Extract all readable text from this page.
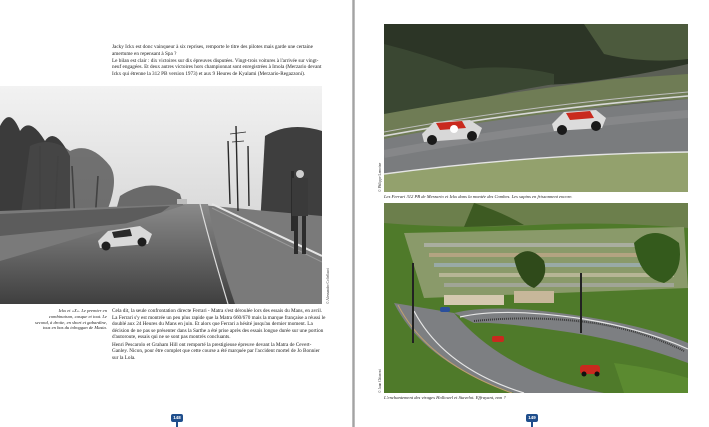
Jacky Ickx est donc vainqueur à six reprises, remporte le titre des pilotes mais garde une certaine amertume en repensant à Spa ?

Le bilan est clair : dix victoires sur dix épreuves disputées. Vingt-trois voitures à l'arrivée sur vingt-neuf engagées. Et deux autres victoires hors championnat sont enregistrées à Imola (Merzario devant Ickx qui étrenne la 312 PB version 1973) et aux 9 Heures de Kyalami (Merzario-Regazzoni).

© Alessandro Coltellacci
Ickx et «X». Le premier en combinaison, casque et tout. Le second, à droite, en short et gabardine, tous en bas du toboggan de Masta.

Cela dit, la seule confrontation directe Ferrari - Matra s'est déroulée lors des essais du Mans, en avril. La Ferrari s'y est montrée un peu plus rapide que la Matra 660/670 mais la marque française a réussi le doublé aux 24 Heures du Mans en juin. Et alors que Ferrari a hésité jusqu'au dernier moment. La décision de ne pas se présenter dans la Sarthe a été prise après des essais longue durée sur une portion d'autoroute, essais qui ne se sont pas montrés concluants.

Henri Pescarolo et Graham Hill ont remporté la prestigieuse épreuve devant la Matra de Cevert-Ganley. Nicon, pour être complet que cette course a été marquée par l'accident mortel de Jo Bonnier sur la Lola.

148
© Philippe Lemoine
Les Ferrari 312 PB de Merzario et Ickx dans la montée des Combes. Les sapins en frissonnent encore.
© Juan Chiaroni
L'enchantement des virages Hollowel et Stavelot. Effrayant, non ?
149
